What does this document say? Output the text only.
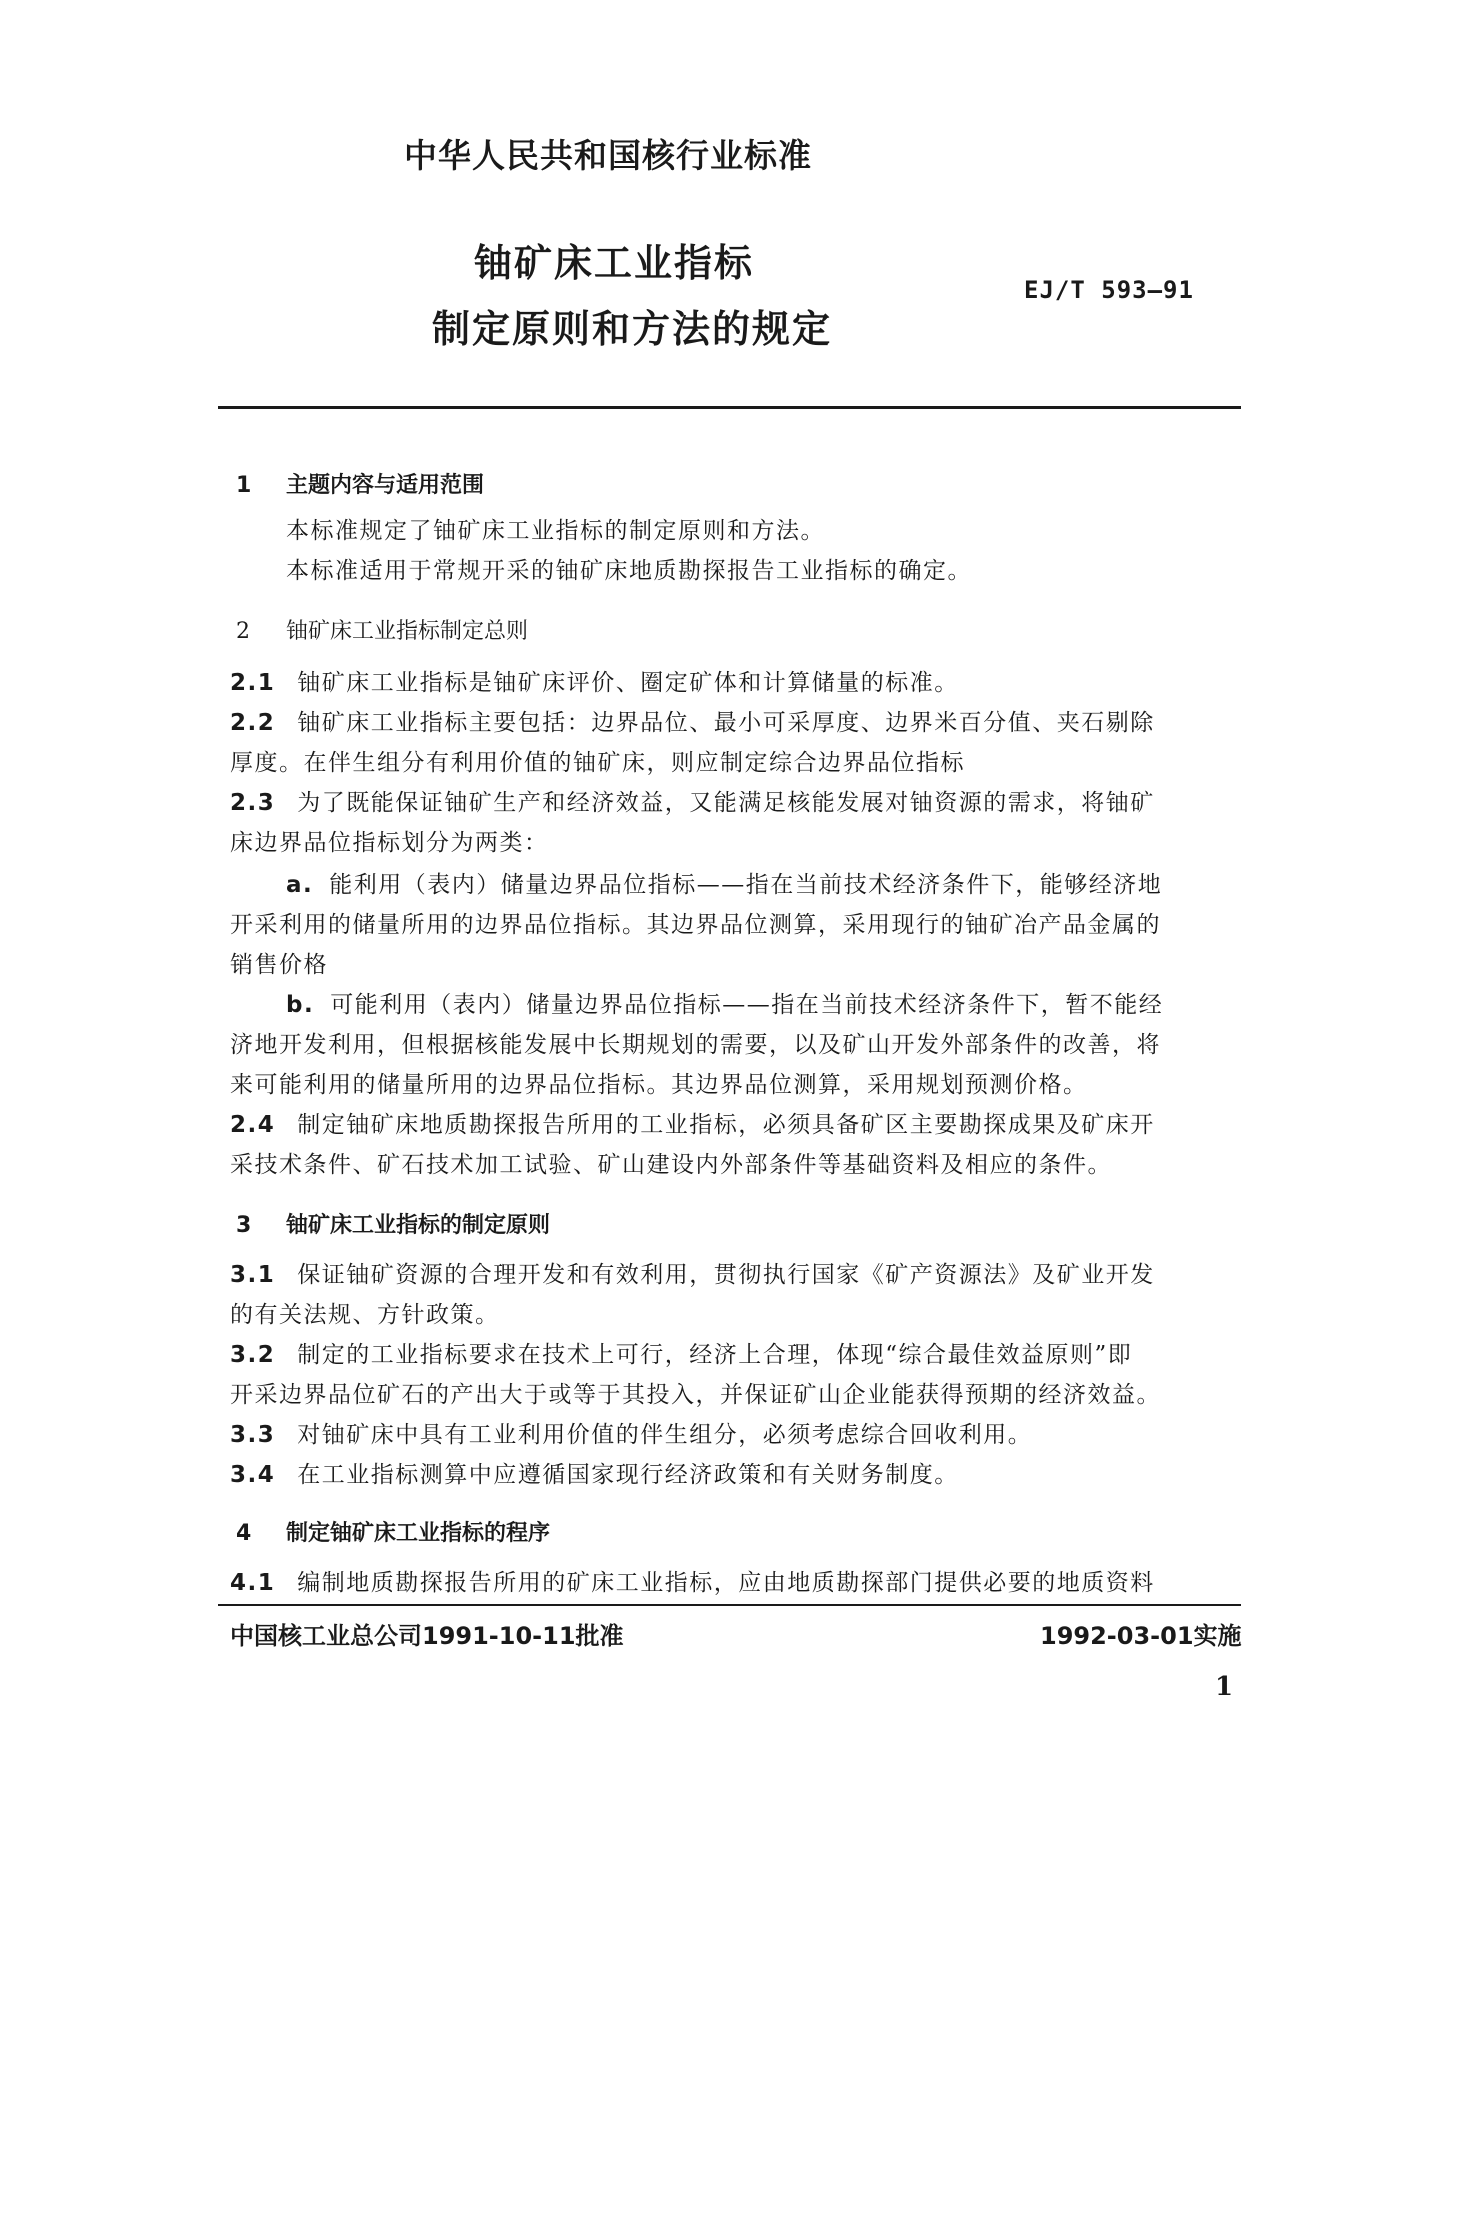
中华人民共和国核行业标准
铀矿床工业指标
制定原则和方法的规定
EJ/T 593—91
1 主题内容与适用范围
本标准规定了铀矿床工业指标的制定原则和方法。
本标准适用于常规开采的铀矿床地质勘探报告工业指标的确定。
2 铀矿床工业指标制定总则
2.1 铀矿床工业指标是铀矿床评价、圈定矿体和计算储量的标准。
2.2 铀矿床工业指标主要包括：边界品位、最小可采厚度、边界米百分值、夹石剔除
厚度。在伴生组分有利用价值的铀矿床，则应制定综合边界品位指标
2.3 为了既能保证铀矿生产和经济效益，又能满足核能发展对铀资源的需求，将铀矿
床边界品位指标划分为两类：
a. 能利用（表内）储量边界品位指标——指在当前技术经济条件下，能够经济地
开采利用的储量所用的边界品位指标。其边界品位测算，采用现行的铀矿冶产品金属的
销售价格
b. 可能利用（表内）储量边界品位指标——指在当前技术经济条件下，暂不能经
济地开发利用，但根据核能发展中长期规划的需要，以及矿山开发外部条件的改善，将
来可能利用的储量所用的边界品位指标。其边界品位测算，采用规划预测价格。
2.4 制定铀矿床地质勘探报告所用的工业指标，必须具备矿区主要勘探成果及矿床开
采技术条件、矿石技术加工试验、矿山建设内外部条件等基础资料及相应的条件。
3 铀矿床工业指标的制定原则
3.1 保证铀矿资源的合理开发和有效利用，贯彻执行国家《矿产资源法》及矿业开发
的有关法规、方针政策。
3.2 制定的工业指标要求在技术上可行，经济上合理，体现“综合最佳效益原则”即
开采边界品位矿石的产出大于或等于其投入，并保证矿山企业能获得预期的经济效益。
3.3 对铀矿床中具有工业利用价值的伴生组分，必须考虑综合回收利用。
3.4 在工业指标测算中应遵循国家现行经济政策和有关财务制度。
4 制定铀矿床工业指标的程序
4.1 编制地质勘探报告所用的矿床工业指标，应由地质勘探部门提供必要的地质资料
中国核工业总公司1991-10-11批准	1992-03-01实施
1
